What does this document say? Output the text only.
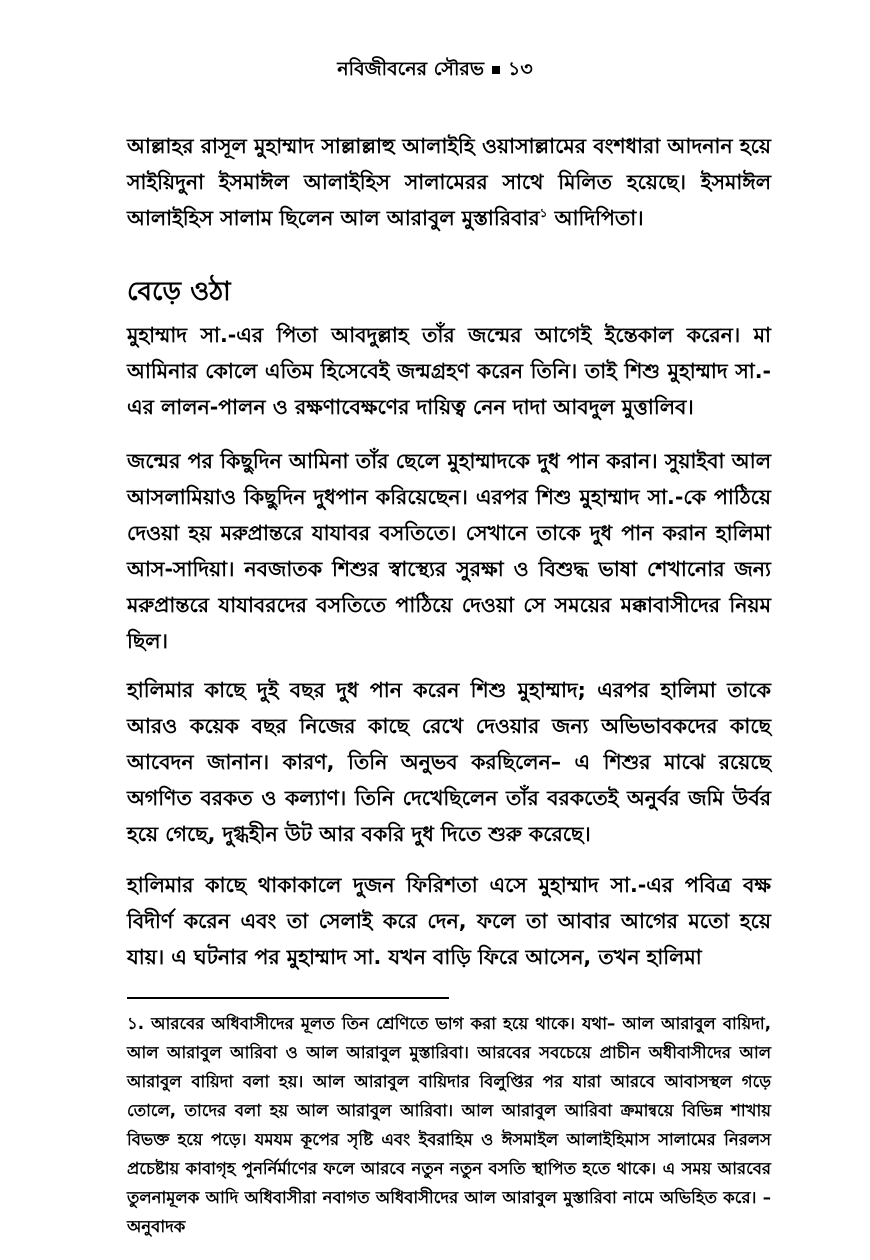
নবিজীবনের সৌরভ ১৩

আল্লাহর রাসূল মুহাম্মাদ সাল্লাল্লাহু আলাইহি ওয়াসাল্লামের বংশধারা আদনান হয়ে সাইয়িদুনা ইসমাঈল আলাইহিস সালামেরর সাথে মিলিত হয়েছে। ইসমাঈল আলাইহিস সালাম ছিলেন আল আরাবুল মুস্তারিবার$^১$ আদিপিতা।

বেড়ে ওঠা

মুহাম্মাদ সা.-এর পিতা আবদুল্লাহ তাঁর জন্মের আগেই ইন্তেকাল করেন। মা আমিনার কোলে এতিম হিসেবেই জন্মগ্রহণ করেন তিনি। তাই শিশু মুহাম্মাদ সা.-এর লালন-পালন ও রক্ষণাবেক্ষণের দায়িত্ব নেন দাদা আবদুল মুত্তালিব।

জন্মের পর কিছুদিন আমিনা তাঁর ছেলে মুহাম্মাদকে দুধ পান করান। সুয়াইবা আল আসলামিয়াও কিছুদিন দুধপান করিয়েছেন। এরপর শিশু মুহাম্মাদ সা.-কে পাঠিয়ে দেওয়া হয় মরুপ্রান্তরে যাযাবর বসতিতে। সেখানে তাকে দুধ পান করান হালিমা আস-সাদিয়া। নবজাতক শিশুর স্বাস্থ্যের সুরক্ষা ও বিশুদ্ধ ভাষা শেখানোর জন্য মরুপ্রান্তরে যাযাবরদের বসতিতে পাঠিয়ে দেওয়া সে সময়ের মক্কাবাসীদের নিয়ম ছিল।

হালিমার কাছে দুই বছর দুধ পান করেন শিশু মুহাম্মাদ; এরপর হালিমা তাকে আরও কয়েক বছর নিজের কাছে রেখে দেওয়ার জন্য অভিভাবকদের কাছে আবেদন জানান। কারণ, তিনি অনুভব করছিলেন– এ শিশুর মাঝে রয়েছে অগণিত বরকত ও কল্যাণ। তিনি দেখেছিলেন তাঁর বরকতেই অনুর্বর জমি উর্বর হয়ে গেছে, দুগ্ধহীন উট আর বকরি দুধ দিতে শুরু করেছে।

হালিমার কাছে থাকাকালে দুজন ফিরিশতা এসে মুহাম্মাদ সা.-এর পবিত্র বক্ষ বিদীর্ণ করেন এবং তা সেলাই করে দেন, ফলে তা আবার আগের মতো হয়ে যায়। এ ঘটনার পর মুহাম্মাদ সা. যখন বাড়ি ফিরে আসেন, তখন হালিমা

১. আরবের অধিবাসীদের মূলত তিন শ্রেণিতে ভাগ করা হয়ে থাকে। যথা– আল আরাবুল বায়িদা, আল আরাবুল আরিবা ও আল আরাবুল মুস্তারিবা। আরবের সবচেয়ে প্রাচীন অধীবাসীদের আল আরাবুল বায়িদা বলা হয়। আল আরাবুল বায়িদার বিলুপ্তির পর যারা আরবে আবাসস্থল গড়ে তোলে, তাদের বলা হয় আল আরাবুল আরিবা। আল আরাবুল আরিবা ক্রমান্বয়ে বিভিন্ন শাখায় বিভক্ত হয়ে পড়ে। যমযম কূপের সৃষ্টি এবং ইবরাহিম ও ঈসমাইল আলাইহিমাস সালামের নিরলস প্রচেষ্টায় কাবাগৃহ পুনর্নির্মাণের ফলে আরবে নতুন নতুন বসতি স্থাপিত হতে থাকে। এ সময় আরবের তুলনামূলক আদি অধিবাসীরা নবাগত অধিবাসীদের আল আরাবুল মুস্তারিবা নামে অভিহিত করে। –অনুবাদক
